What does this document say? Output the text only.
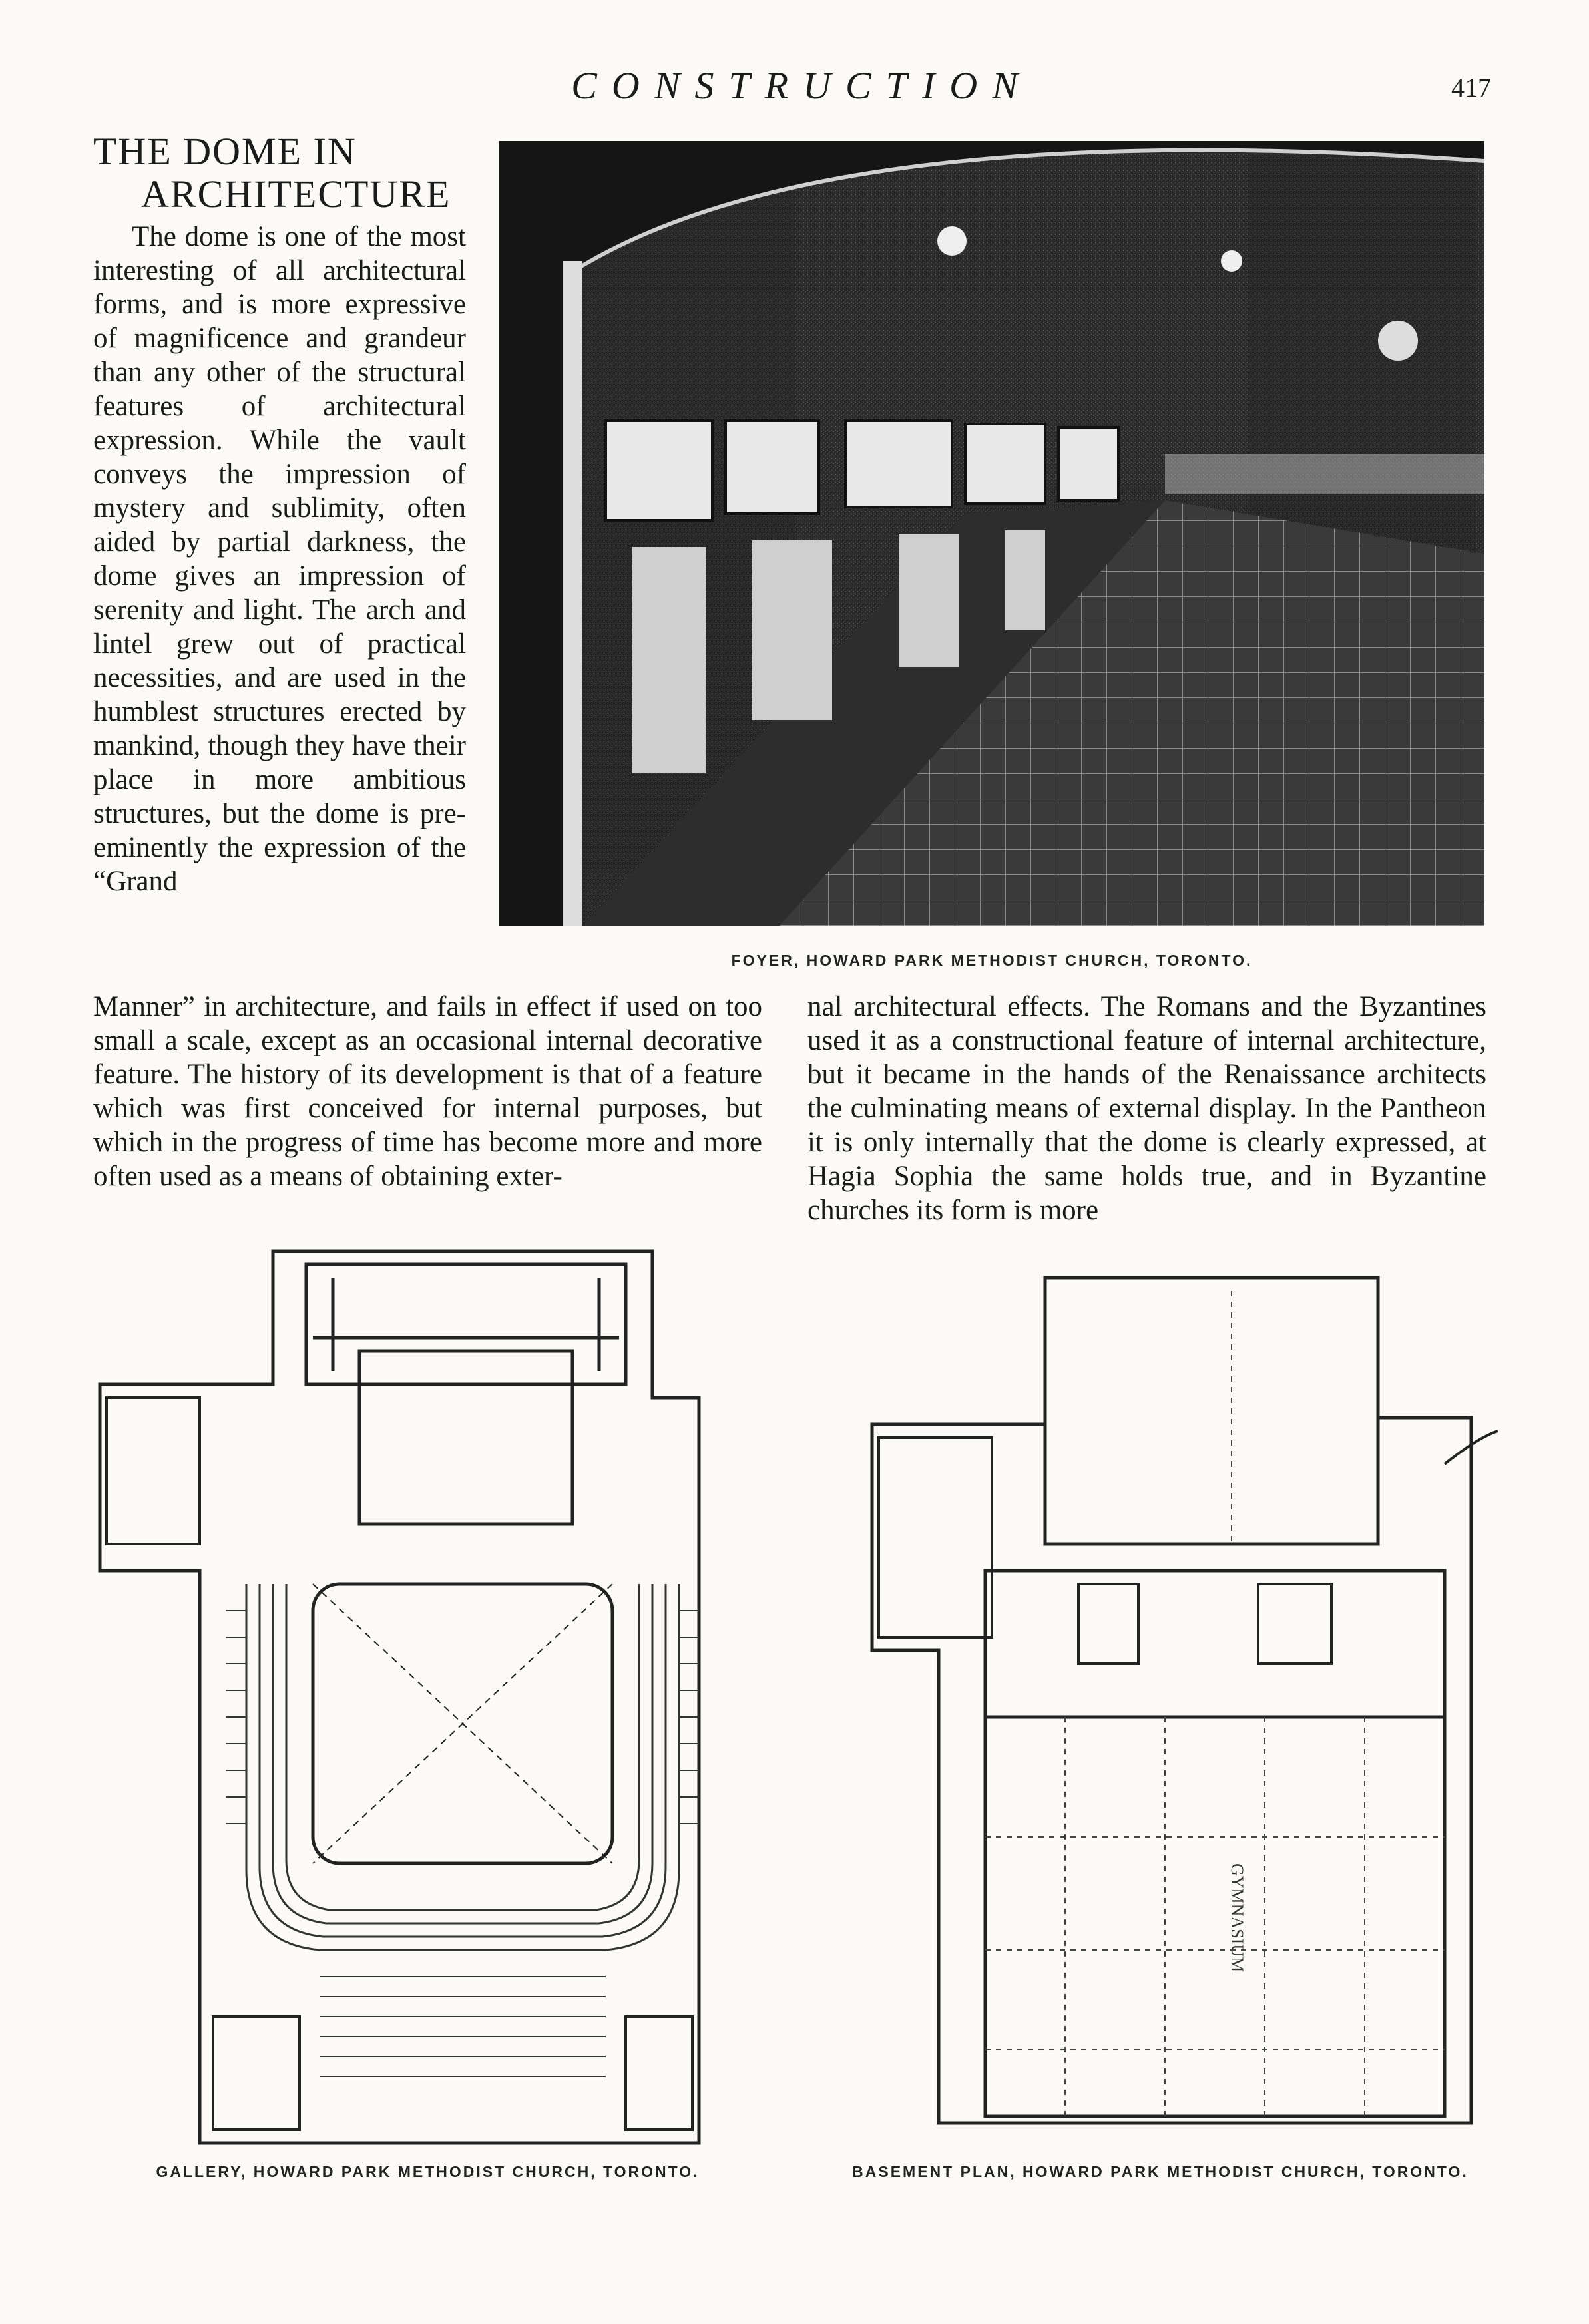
CONSTRUCTION	417
THE DOME IN
ARCHITECTURE

The dome is one of the most interesting of all architectural forms, and is more expressive of magnificence and grandeur than any other of the structural features of architectural expression. While the vault conveys the impression of mystery and sublimity, often aided by partial darkness, the dome gives an impression of serenity and light. The arch and lintel grew out of practical necessities, and are used in the humblest structures erected by mankind, though they have their place in more ambitious structures, but the dome is pre-eminently the expression of the “Grand

FOYER, HOWARD PARK METHODIST CHURCH, TORONTO.

Manner” in architecture, and fails in effect if used on too small a scale, except as an occasional internal decorative feature. The history of its development is that of a feature which was first conceived for internal purposes, but which in the progress of time has become more and more often used as a means of obtaining exter-

nal architectural effects. The Romans and the Byzantines used it as a constructional feature of internal architecture, but it became in the hands of the Renaissance architects the culminating means of external display. In the Pantheon it is only internally that the dome is clearly expressed, at Hagia Sophia the same holds true, and in Byzantine churches its form is more

GALLERY, HOWARD PARK METHODIST CHURCH, TORONTO.
GYMNASIUM
BASEMENT PLAN, HOWARD PARK METHODIST CHURCH, TORONTO.
